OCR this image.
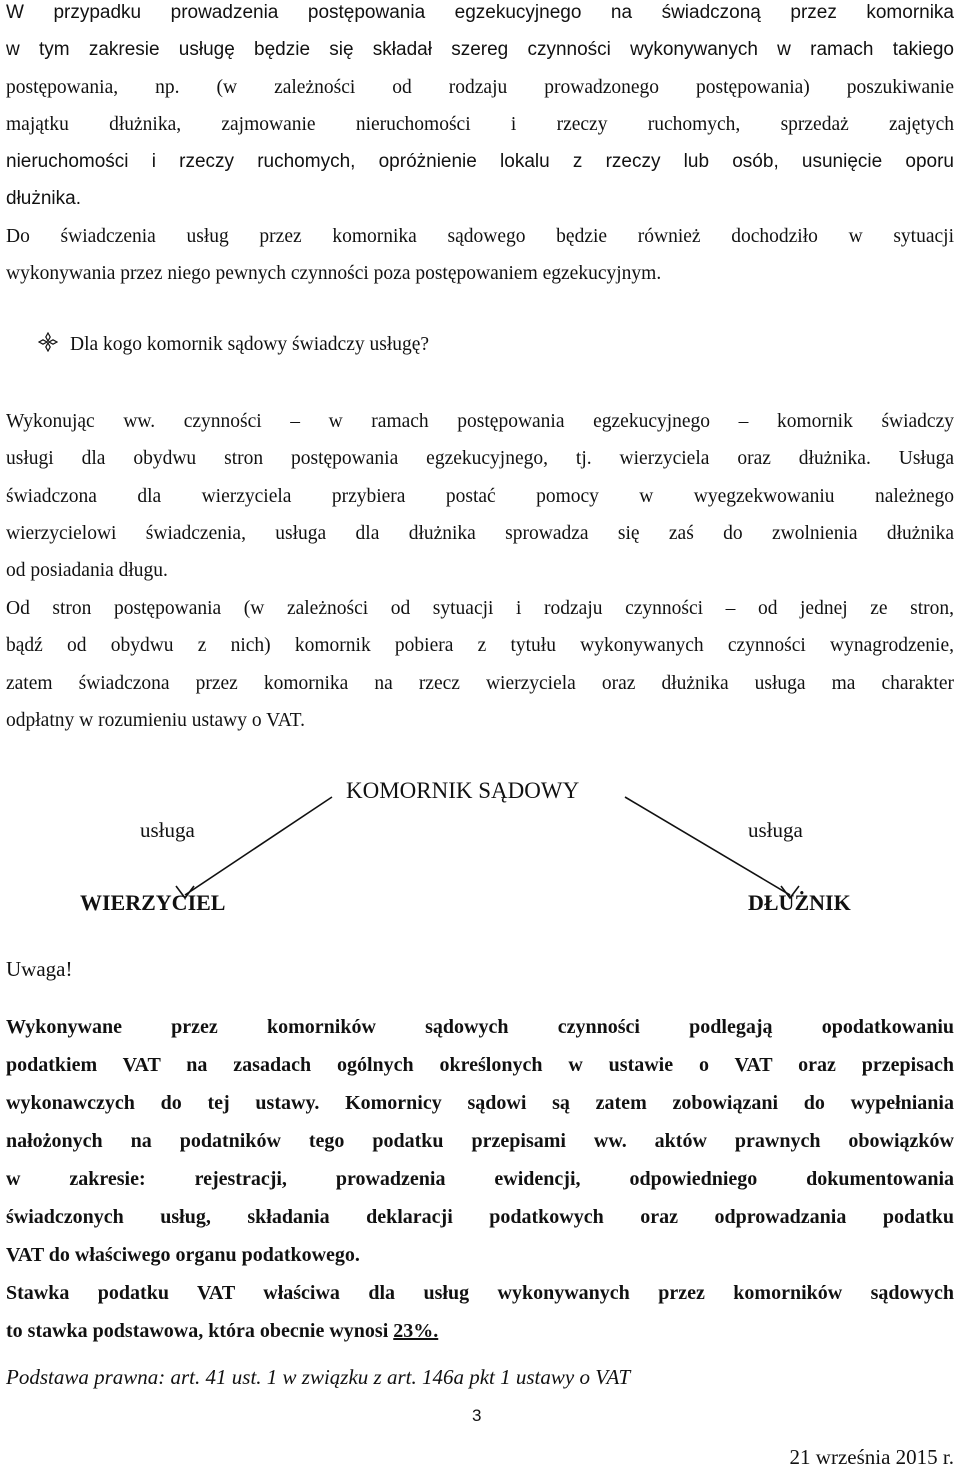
W przypadku prowadzenia postępowania egzekucyjnego na świadczoną przez komornika
w tym zakresie usługę będzie się składał szereg czynności wykonywanych w ramach takiego
postępowania, np. (w zależności od rodzaju prowadzonego postępowania) poszukiwanie
majątku dłużnika, zajmowanie nieruchomości i rzeczy ruchomych, sprzedaż zajętych
nieruchomości i rzeczy ruchomych, opróżnienie lokalu z rzeczy lub osób, usunięcie oporu
dłużnika.
Do świadczenia usług przez komornika sądowego będzie również dochodziło w sytuacji
wykonywania przez niego pewnych czynności poza postępowaniem egzekucyjnym.
Dla kogo komornik sądowy świadczy usługę?
Wykonując ww. czynności – w ramach postępowania egzekucyjnego – komornik świadczy
usługi dla obydwu stron postępowania egzekucyjnego, tj. wierzyciela oraz dłużnika. Usługa
świadczona dla wierzyciela przybiera postać pomocy w wyegzekwowaniu należnego
wierzycielowi świadczenia, usługa dla dłużnika sprowadza się zaś do zwolnienia dłużnika
od posiadania długu.
Od stron postępowania (w zależności od sytuacji i rodzaju czynności – od jednej ze stron,
bądź od obydwu z nich) komornik pobiera z tytułu wykonywanych czynności wynagrodzenie,
zatem świadczona przez komornika na rzecz wierzyciela oraz dłużnika usługa ma charakter
odpłatny w rozumieniu ustawy o VAT.
KOMORNIK SĄDOWY
usługa	usługa
WIERZYCIEL	DŁUŻNIK
Uwaga!
Wykonywane przez komorników sądowych czynności podlegają opodatkowaniu
podatkiem VAT na zasadach ogólnych określonych w ustawie o VAT oraz przepisach
wykonawczych do tej ustawy. Komornicy sądowi są zatem zobowiązani do wypełniania
nałożonych na podatników tego podatku przepisami ww. aktów prawnych obowiązków
w zakresie: rejestracji, prowadzenia ewidencji, odpowiedniego dokumentowania
świadczonych usług, składania deklaracji podatkowych oraz odprowadzania podatku
VAT do właściwego organu podatkowego.
Stawka podatku VAT właściwa dla usług wykonywanych przez komorników sądowych
to stawka podstawowa, która obecnie wynosi 23%.
Podstawa prawna: art. 41 ust. 1 w związku z art. 146a pkt 1 ustawy o VAT
3
21 września 2015 r.
